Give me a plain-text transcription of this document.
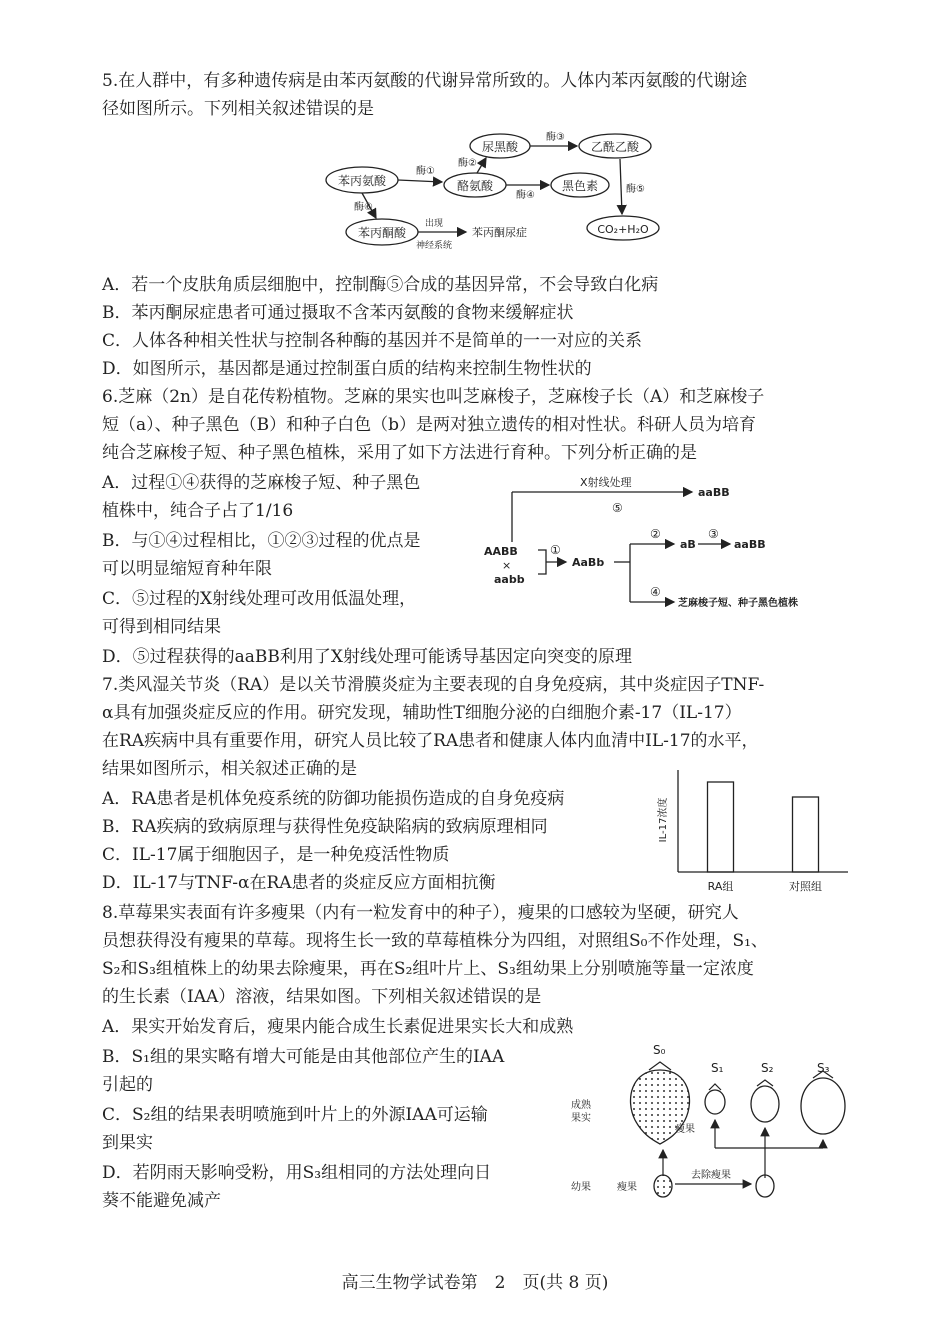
5.在人群中，有多种遗传病是由苯丙氨酸的代谢异常所致的。人体内苯丙氨酸的代谢途
径如图所示。下列相关叙述错误的是
苯丙氨酸
尿黑酸	乙酰乙酸
酪氨酸	黑色素
苯丙酮酸	CO₂+H₂O
苯丙酮尿症
酶①
酶②
酶③
酶④
酶⑤
酶⑥
出现
神经系统
A．若一个皮肤角质层细胞中，控制酶⑤合成的基因异常，不会导致白化病
B．苯丙酮尿症患者可通过摄取不含苯丙氨酸的食物来缓解症状
C．人体各种相关性状与控制各种酶的基因并不是简单的一一对应的关系
D．如图所示，基因都是通过控制蛋白质的结构来控制生物性状的
6.芝麻（2n）是自花传粉植物。芝麻的果实也叫芝麻梭子，芝麻梭子长（A）和芝麻梭子
短（a）、种子黑色（B）和种子白色（b）是两对独立遗传的相对性状。科研人员为培育
纯合芝麻梭子短、种子黑色植株，采用了如下方法进行育种。下列分析正确的是
A．过程①④获得的芝麻梭子短、种子黑色
植株中，纯合子占了1/16
B．与①④过程相比，①②③过程的优点是
可以明显缩短育种年限
C．⑤过程的X射线处理可改用低温处理，
可得到相同结果
D．⑤过程获得的aaBB利用了X射线处理可能诱导基因定向突变的原理
X射线处理
⑤
aaBB
AABB
×
aabb
①
AaBb
②
aB
③
aaBB
④
芝麻梭子短、种子黑色植株
7.类风湿关节炎（RA）是以关节滑膜炎症为主要表现的自身免疫病，其中炎症因子TNF-
α具有加强炎症反应的作用。研究发现，辅助性T细胞分泌的白细胞介素-17（IL-17）
在RA疾病中具有重要作用，研究人员比较了RA患者和健康人体内血清中IL-17的水平，
结果如图所示，相关叙述正确的是
A．RA患者是机体免疫系统的防御功能损伤造成的自身免疫病
B．RA疾病的致病原理与获得性免疫缺陷病的致病原理相同
C．IL-17属于细胞因子，是一种免疫活性物质
D．IL-17与TNF-α在RA患者的炎症反应方面相抗衡
IL-17浓度
RA组	对照组
8.草莓果实表面有许多瘦果（内有一粒发育中的种子），瘦果的口感较为坚硬，研究人
员想获得没有瘦果的草莓。现将生长一致的草莓植株分为四组，对照组S₀不作处理，S₁、
S₂和S₃组植株上的幼果去除瘦果，再在S₂组叶片上、S₃组幼果上分别喷施等量一定浓度
的生长素（IAA）溶液，结果如图。下列相关叙述错误的是
A．果实开始发育后，瘦果内能合成生长素促进果实长大和成熟
B．S₁组的果实略有增大可能是由其他部位产生的IAA
引起的
C．S₂组的结果表明喷施到叶片上的外源IAA可运输
到果实
D．若阴雨天影响受粉，用S₃组相同的方法处理向日
葵不能避免减产
S₀
S₁	S₂	S₃
成熟
果实
瘦果
幼果	瘦果
去除瘦果
高三生物学试卷第　2　页(共 8 页)
